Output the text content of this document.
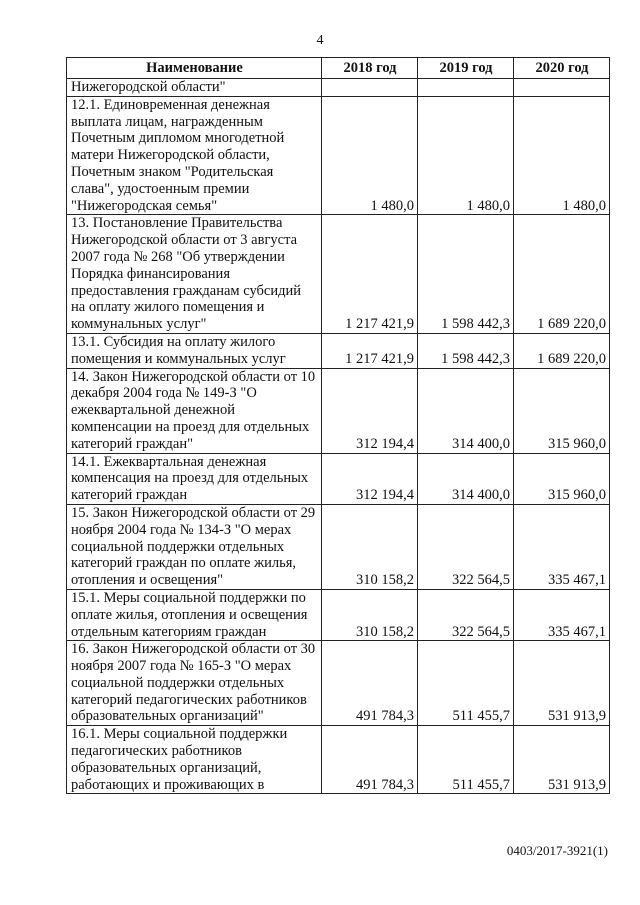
4
Наименование	2018 год	2019 год	2020 год
Нижегородской области"			
12.1. Единовременная денежная выплата лицам, награжденным Почетным дипломом многодетной матери Нижегородской области, Почетным знаком "Родительская слава", удостоенным премии "Нижегородская семья"	1 480,0	1 480,0	1 480,0
13. Постановление Правительства Нижегородской области от 3 августа 2007 года № 268 "Об утверждении Порядка финансирования предоставления гражданам субсидий на оплату жилого помещения и коммунальных услуг"	1 217 421,9	1 598 442,3	1 689 220,0
13.1. Субсидия на оплату жилого помещения и коммунальных услуг	1 217 421,9	1 598 442,3	1 689 220,0
14. Закон Нижегородской области от 10 декабря 2004 года № 149-З "О ежеквартальной денежной компенсации на проезд для отдельных категорий граждан"	312 194,4	314 400,0	315 960,0
14.1. Ежеквартальная денежная компенсация на проезд для отдельных категорий граждан	312 194,4	314 400,0	315 960,0
15. Закон Нижегородской области от 29 ноября 2004 года № 134-З "О мерах социальной поддержки отдельных категорий граждан по оплате жилья, отопления и освещения"	310 158,2	322 564,5	335 467,1
15.1. Меры социальной поддержки по оплате жилья, отопления и освещения отдельным категориям граждан	310 158,2	322 564,5	335 467,1
16. Закон Нижегородской области от 30 ноября 2007 года № 165-З "О мерах социальной поддержки отдельных категорий педагогических работников образовательных организаций"	491 784,3	511 455,7	531 913,9
16.1. Меры социальной поддержки педагогических работников образовательных организаций, работающих и проживающих в	491 784,3	511 455,7	531 913,9
0403/2017-3921(1)
